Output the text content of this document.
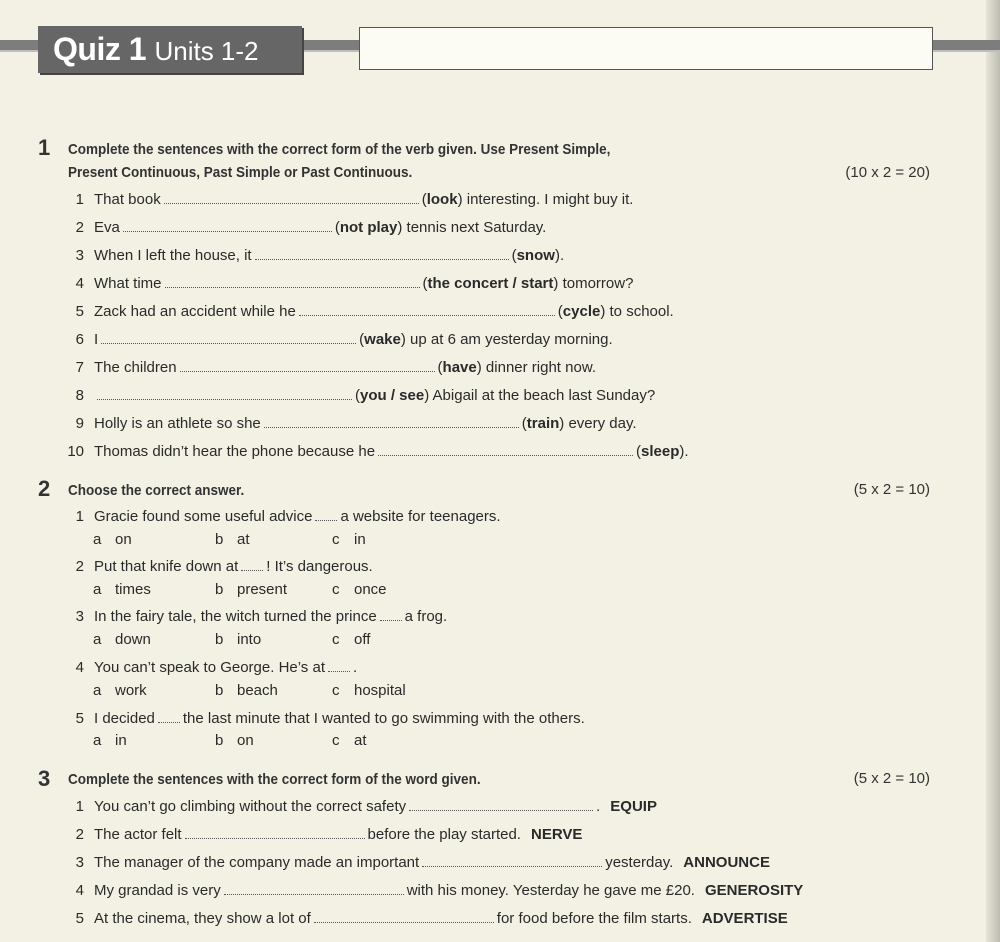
Quiz 1 Units 1-2
1 Complete the sentences with the correct form of the verb given. Use Present Simple,
Present Continuous, Past Simple or Past Continuous.	(10 x 2 = 20)
1 That book	(look) interesting. I might buy it.
2 Eva	(not play) tennis next Saturday.
3 When I left the house, it	(snow).
4 What time	(the concert / start) tomorrow?
5 Zack had an accident while he	(cycle) to school.
6 I	(wake) up at 6 am yesterday morning.
7 The children	(have) dinner right now.
8	(you / see) Abigail at the beach last Sunday?
9 Holly is an athlete so she	(train) every day.
10 Thomas didn’t hear the phone because he	(sleep).
2 Choose the correct answer.	(5 x 2 = 10)
1 Gracie found some useful advice a website for teenagers.
a on	b at	c in
2 Put that knife down at ! It’s dangerous.
a times	b present	c once
3 In the fairy tale, the witch turned the prince a frog.
a down	b into	c off
4 You can’t speak to George. He’s at .
a work	b beach	c hospital
5 I decided the last minute that I wanted to go swimming with the others.
a in	b on	c at
3 Complete the sentences with the correct form of the word given.	(5 x 2 = 10)
1 You can’t go climbing without the correct safety	. EQUIP
2 The actor felt	before the play started. NERVE
3 The manager of the company made an important	yesterday. ANNOUNCE
4 My grandad is very	with his money. Yesterday he gave me £20. GENEROSITY
5 At the cinema, they show a lot of	for food before the film starts. ADVERTISE
